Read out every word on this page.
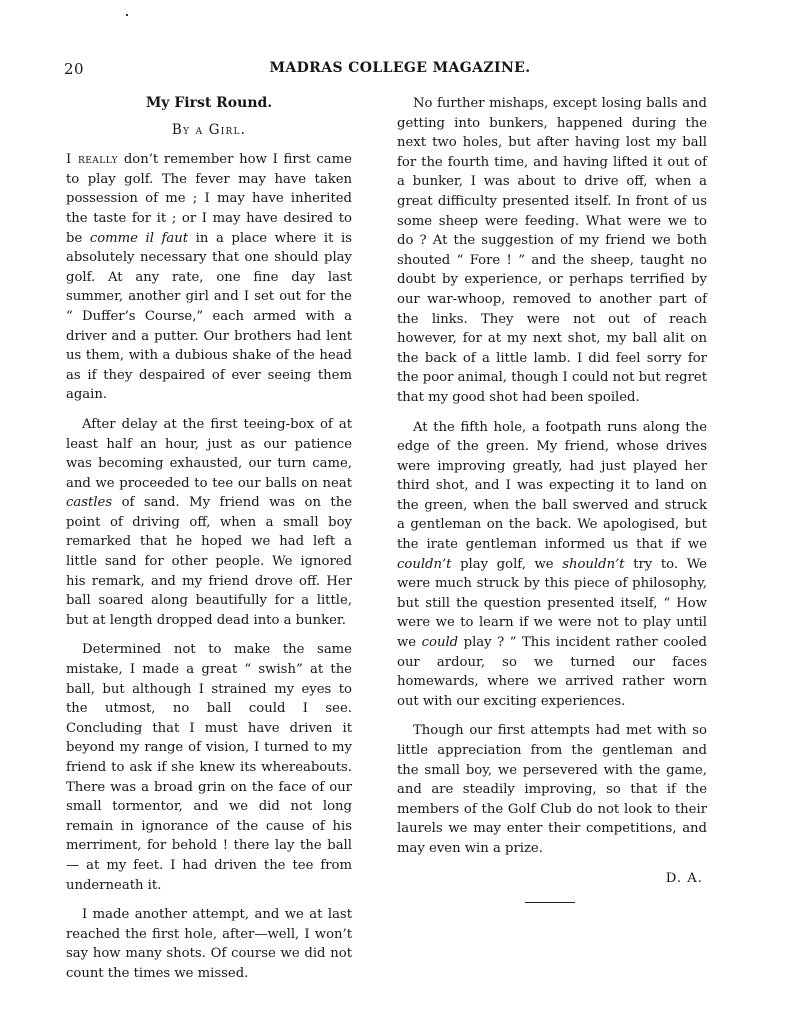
20	MADRAS COLLEGE MAGAZINE.
My First Round.
By a Girl.

I really don’t remember how I first came to play golf. The fever may have taken possession of me ; I may have inherited the taste for it ; or I may have desired to be comme il faut in a place where it is absolutely necessary that one should play golf. At any rate, one fine day last summer, another girl and I set out for the “ Duffer’s Course,” each armed with a driver and a putter. Our brothers had lent us them, with a dubious shake of the head as if they despaired of ever seeing them again.

After delay at the first teeing-box of at least half an hour, just as our patience was becoming exhausted, our turn came, and we proceeded to tee our balls on neat castles of sand. My friend was on the point of driving off, when a small boy remarked that he hoped we had left a little sand for other people. We ignored his remark, and my friend drove off. Her ball soared along beautifully for a little, but at length dropped dead into a bunker.

Determined not to make the same mistake, I made a great “ swish” at the ball, but although I strained my eyes to the utmost, no ball could I see. Concluding that I must have driven it beyond my range of vision, I turned to my friend to ask if she knew its whereabouts. There was a broad grin on the face of our small tormentor, and we did not long remain in ignorance of the cause of his merriment, for behold ! there lay the ball — at my feet. I had driven the tee from underneath it.

I made another attempt, and we at last reached the first hole, after—well, I won’t say how many shots. Of course we did not count the times we missed.

No further mishaps, except losing balls and getting into bunkers, happened during the next two holes, but after having lost my ball for the fourth time, and having lifted it out of a bunker, I was about to drive off, when a great difficulty presented itself. In front of us some sheep were feeding. What were we to do ? At the suggestion of my friend we both shouted “ Fore ! ” and the sheep, taught no doubt by experience, or perhaps terrified by our war-whoop, removed to another part of the links. They were not out of reach however, for at my next shot, my ball alit on the back of a little lamb. I did feel sorry for the poor animal, though I could not but regret that my good shot had been spoiled.

At the fifth hole, a footpath runs along the edge of the green. My friend, whose drives were improving greatly, had just played her third shot, and I was expecting it to land on the green, when the ball swerved and struck a gentleman on the back. We apologised, but the irate gentleman informed us that if we couldn’t play golf, we shouldn’t try to. We were much struck by this piece of philosophy, but still the question presented itself, “ How were we to learn if we were not to play until we could play ? ” This incident rather cooled our ardour, so we turned our faces homewards, where we arrived rather worn out with our exciting experiences.

Though our first attempts had met with so little appreciation from the gentleman and the small boy, we persevered with the game, and are steadily improving, so that if the members of the Golf Club do not look to their laurels we may enter their competitions, and may even win a prize.

D. A.
